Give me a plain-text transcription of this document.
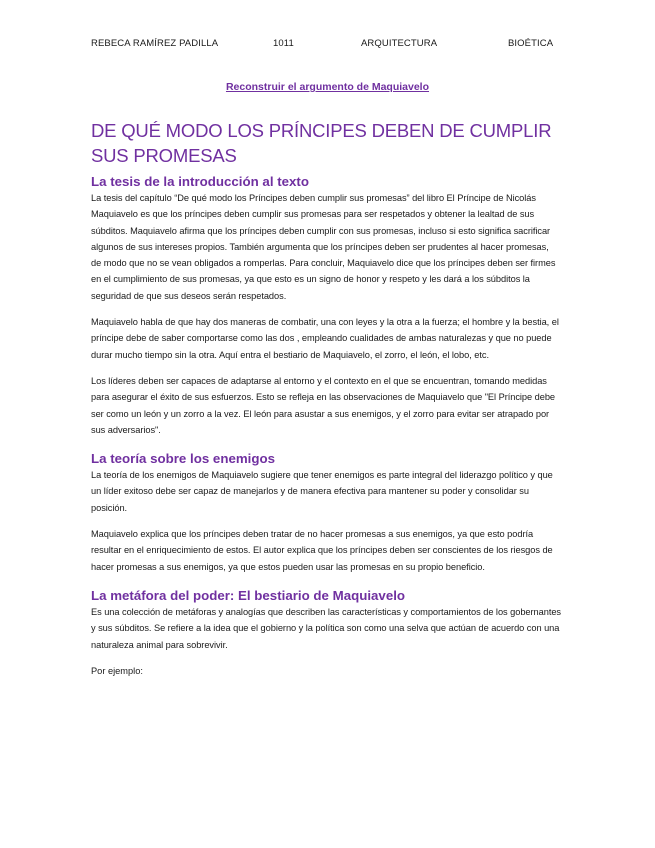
REBECA RAMÍREZ PADILLA	1011	ARQUITECTURA	BIOÉTICA
Reconstruir el argumento de Maquiavelo
DE QUÉ MODO LOS PRÍNCIPES DEBEN DE CUMPLIR SUS PROMESAS
La tesis de la introducción al texto

La tesis del capítulo “De qué modo los Príncipes deben cumplir sus promesas” del libro El Príncipe de Nicolás Maquiavelo es que los príncipes deben cumplir sus promesas para ser respetados y obtener la lealtad de sus súbditos. Maquiavelo afirma que los príncipes deben cumplir con sus promesas, incluso si esto significa sacrificar algunos de sus intereses propios. También argumenta que los príncipes deben ser prudentes al hacer promesas, de modo que no se vean obligados a romperlas. Para concluir, Maquiavelo dice que los príncipes deben ser firmes en el cumplimiento de sus promesas, ya que esto es un signo de honor y respeto y les dará a los súbditos la seguridad de que sus deseos serán respetados.

Maquiavelo habla de que hay dos maneras de combatir, una con leyes y la otra a la fuerza; el hombre y la bestia, el príncipe debe de saber comportarse como las dos , empleando cualidades de ambas naturalezas y que no puede durar mucho tiempo sin la otra. Aquí entra el bestiario de Maquiavelo, el zorro, el león, el lobo, etc.

Los líderes deben ser capaces de adaptarse al entorno y el contexto en el que se encuentran, tomando medidas para asegurar el éxito de sus esfuerzos. Esto se refleja en las observaciones de Maquiavelo que "El Príncipe debe ser como un león y un zorro a la vez. El león para asustar a sus enemigos, y el zorro para evitar ser atrapado por sus adversarios".

La teoría sobre los enemigos

La teoría de los enemigos de Maquiavelo sugiere que tener enemigos es parte integral del liderazgo político y que un líder exitoso debe ser capaz de manejarlos y de manera efectiva para mantener su poder y consolidar su posición.

Maquiavelo explica que los príncipes deben tratar de no hacer promesas a sus enemigos, ya que esto podría resultar en el enriquecimiento de estos. El autor explica que los príncipes deben ser conscientes de los riesgos de hacer promesas a sus enemigos, ya que estos pueden usar las promesas en su propio beneficio.

La metáfora del poder: El bestiario de Maquiavelo

Es una colección de metáforas y analogías que describen las características y comportamientos de los gobernantes y sus súbditos. Se refiere a la idea que el gobierno y la política son como una selva que actúan de acuerdo con una naturaleza animal para sobrevivir.

Por ejemplo:
